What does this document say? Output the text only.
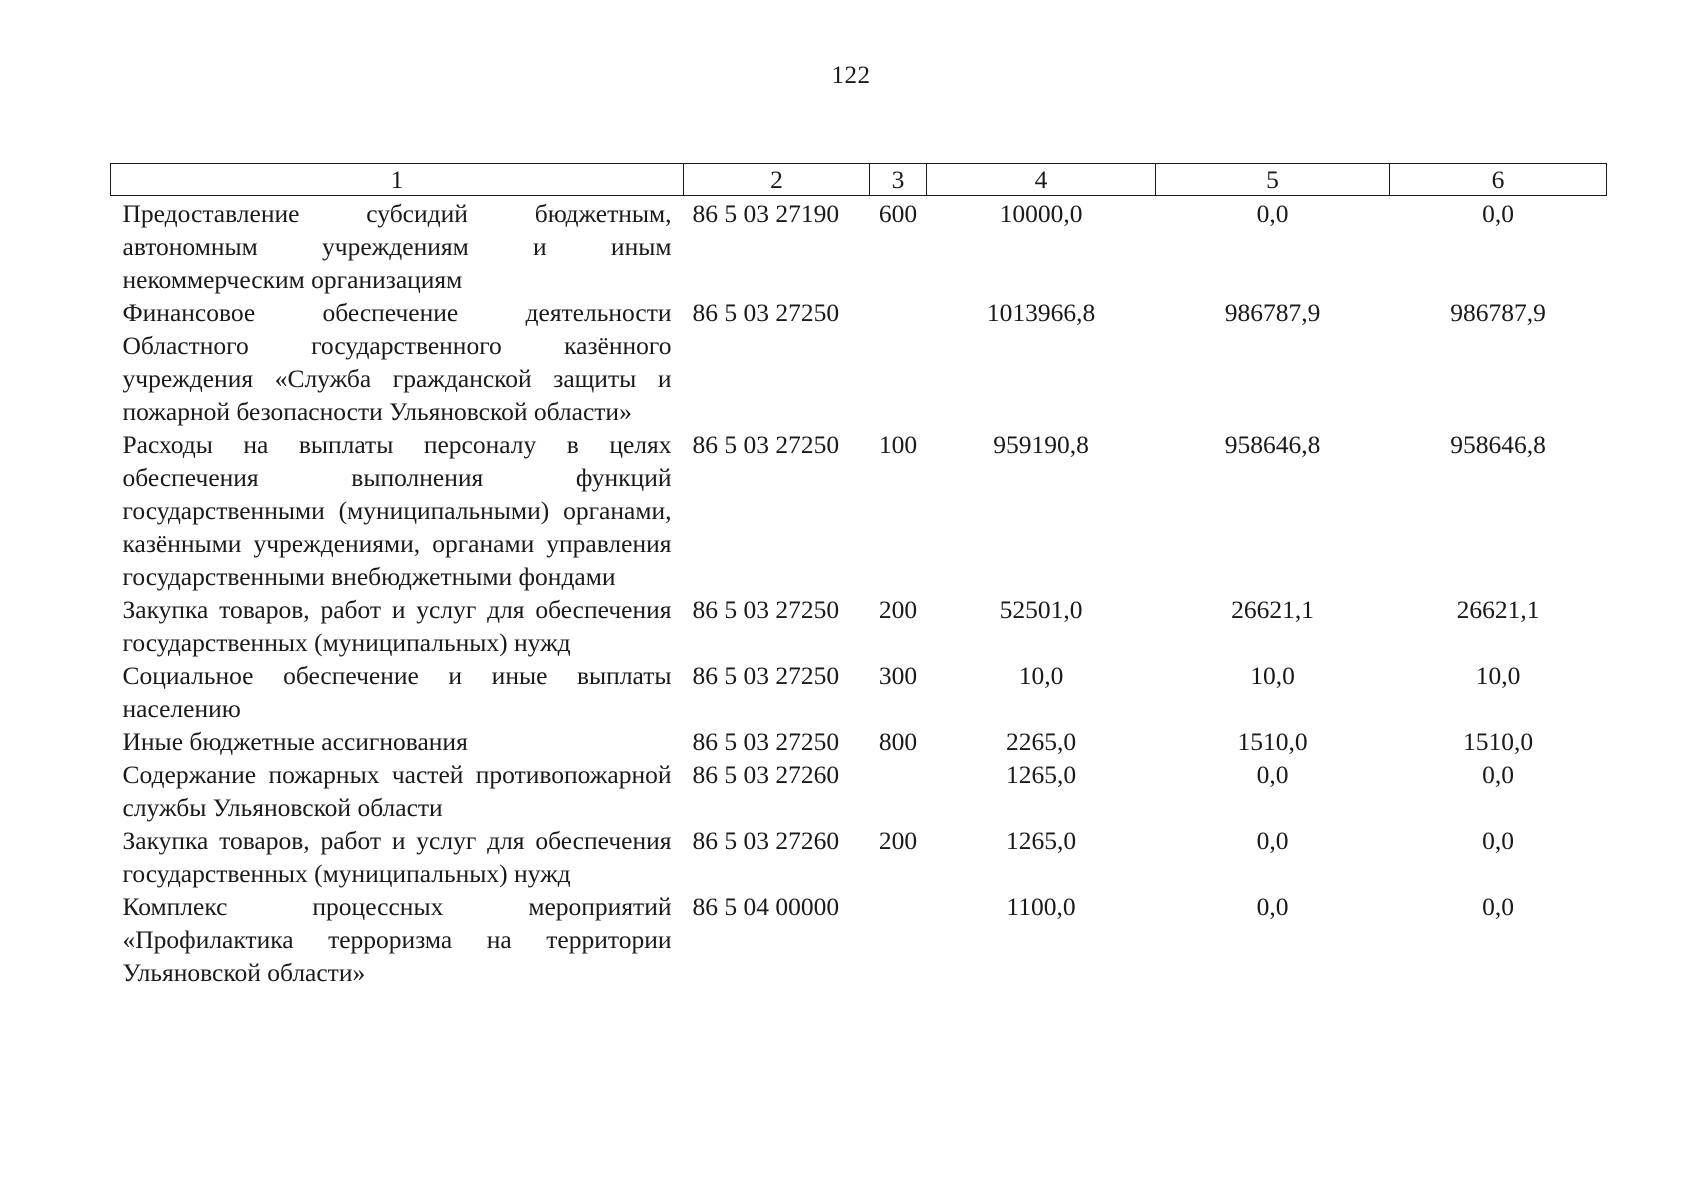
122
1	2	3	4	5	6
Предоставление субсидий бюджетным, автономным учреждениям и иным некоммерческим организациям	86 5 03 27190	600	10000,0	0,0	0,0
Финансовое обеспечение деятельности Областного государственного казённого учреждения «Служба гражданской защиты и пожарной безопасности Ульяновской области»	86 5 03 27250		1013966,8	986787,9	986787,9
Расходы на выплаты персоналу в целях обеспечения выполнения функций государственными (муниципальными) органами, казёнными учреждениями, органами управления государственными внебюджетными фондами	86 5 03 27250	100	959190,8	958646,8	958646,8
Закупка товаров, работ и услуг для обеспечения государственных (муниципальных) нужд	86 5 03 27250	200	52501,0	26621,1	26621,1
Социальное обеспечение и иные выплаты населению	86 5 03 27250	300	10,0	10,0	10,0
Иные бюджетные ассигнования	86 5 03 27250	800	2265,0	1510,0	1510,0
Содержание пожарных частей противопожарной службы Ульяновской области	86 5 03 27260		1265,0	0,0	0,0
Закупка товаров, работ и услуг для обеспечения государственных (муниципальных) нужд	86 5 03 27260	200	1265,0	0,0	0,0
Комплекс процессных мероприятий «Профилактика терроризма на территории Ульяновской области»	86 5 04 00000		1100,0	0,0	0,0
